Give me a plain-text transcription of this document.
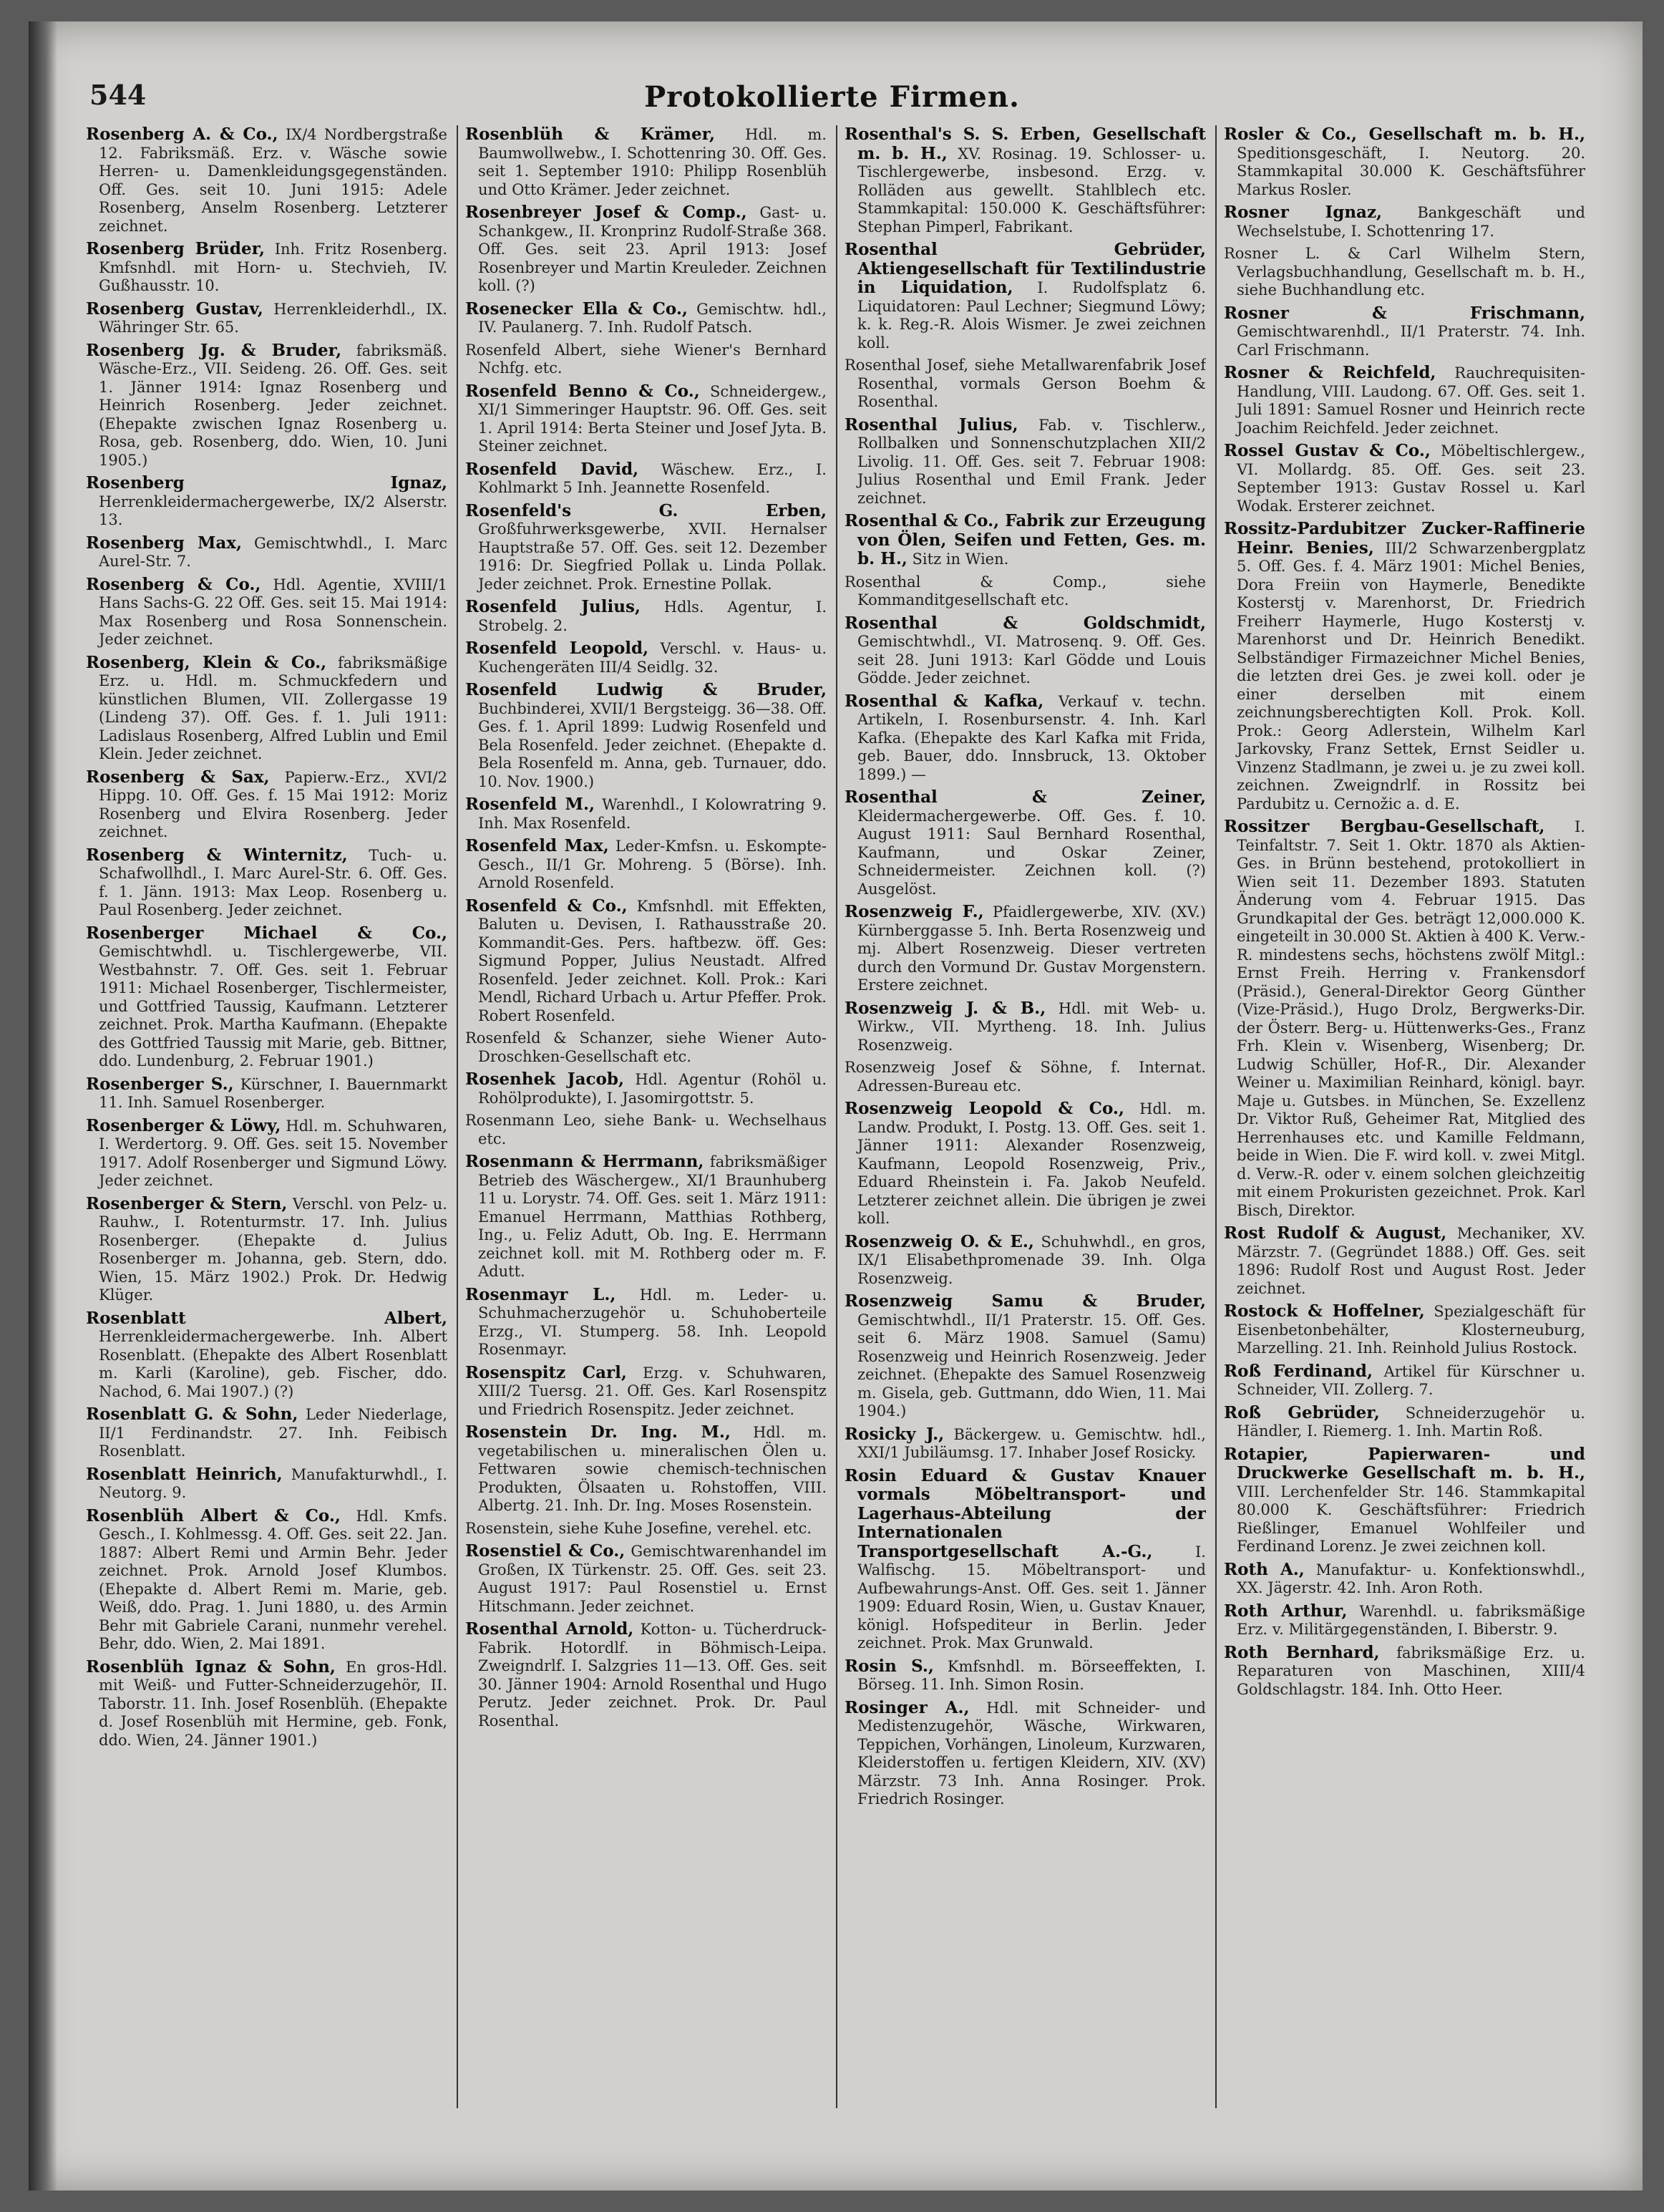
544	Protokollierte Firmen.
Rosenberg A. & Co., IX/4 Nordbergstraße 12. Fabriksmäß. Erz. v. Wäsche sowie Herren- u. Damenkleidungsgegenständen. Off. Ges. seit 10. Juni 1915: Adele Rosenberg, Anselm Rosenberg. Letzterer zeichnet.
Rosenberg Brüder, Inh. Fritz Rosenberg. Kmfsnhdl. mit Horn- u. Stechvieh, IV. Gußhausstr. 10.
Rosenberg Gustav, Herrenkleiderhdl., IX. Währinger Str. 65.
Rosenberg Jg. & Bruder, fabriksmäß. Wäsche-Erz., VII. Seideng. 26. Off. Ges. seit 1. Jänner 1914: Ignaz Rosenberg und Heinrich Rosenberg. Jeder zeichnet. (Ehepakte zwischen Ignaz Rosenberg u. Rosa, geb. Rosenberg, ddo. Wien, 10. Juni 1905.)
Rosenberg Ignaz, Herrenkleidermachergewerbe, IX/2 Alserstr. 13.
Rosenberg Max, Gemischtwhdl., I. Marc Aurel-Str. 7.
Rosenberg & Co., Hdl. Agentie, XVIII/1 Hans Sachs-G. 22 Off. Ges. seit 15. Mai 1914: Max Rosenberg und Rosa Sonnenschein. Jeder zeichnet.
Rosenberg, Klein & Co., fabriksmäßige Erz. u. Hdl. m. Schmuckfedern und künstlichen Blumen, VII. Zollergasse 19 (Lindeng 37). Off. Ges. f. 1. Juli 1911: Ladislaus Rosenberg, Alfred Lublin und Emil Klein. Jeder zeichnet.
Rosenberg & Sax, Papierw.-Erz., XVI/2 Hippg. 10. Off. Ges. f. 15 Mai 1912: Moriz Rosenberg und Elvira Rosenberg. Jeder zeichnet.
Rosenberg & Winternitz, Tuch- u. Schafwollhdl., I. Marc Aurel-Str. 6. Off. Ges. f. 1. Jänn. 1913: Max Leop. Rosenberg u. Paul Rosenberg. Jeder zeichnet.
Rosenberger Michael & Co., Gemischtwhdl. u. Tischlergewerbe, VII. Westbahnstr. 7. Off. Ges. seit 1. Februar 1911: Michael Rosenberger, Tischlermeister, und Gottfried Taussig, Kaufmann. Letzterer zeichnet. Prok. Martha Kaufmann. (Ehepakte des Gottfried Taussig mit Marie, geb. Bittner, ddo. Lundenburg, 2. Februar 1901.)
Rosenberger S., Kürschner, I. Bauernmarkt 11. Inh. Samuel Rosenberger.
Rosenberger & Löwy, Hdl. m. Schuhwaren, I. Werdertorg. 9. Off. Ges. seit 15. November 1917. Adolf Rosenberger und Sigmund Löwy. Jeder zeichnet.
Rosenberger & Stern, Verschl. von Pelz- u. Rauhw., I. Rotenturmstr. 17. Inh. Julius Rosenberger. (Ehepakte d. Julius Rosenberger m. Johanna, geb. Stern, ddo. Wien, 15. März 1902.) Prok. Dr. Hedwig Klüger.
Rosenblatt Albert, Herrenkleidermachergewerbe. Inh. Albert Rosenblatt. (Ehepakte des Albert Rosenblatt m. Karli (Karoline), geb. Fischer, ddo. Nachod, 6. Mai 1907.) (?)
Rosenblatt G. & Sohn, Leder Niederlage, II/1 Ferdinandstr. 27. Inh. Feibisch Rosenblatt.
Rosenblatt Heinrich, Manufakturwhdl., I. Neutorg. 9.
Rosenblüh Albert & Co., Hdl. Kmfs. Gesch., I. Kohlmessg. 4. Off. Ges. seit 22. Jan. 1887: Albert Remi und Armin Behr. Jeder zeichnet. Prok. Arnold Josef Klumbos. (Ehepakte d. Albert Remi m. Marie, geb. Weiß, ddo. Prag. 1. Juni 1880, u. des Armin Behr mit Gabriele Carani, nunmehr verehel. Behr, ddo. Wien, 2. Mai 1891.
Rosenblüh Ignaz & Sohn, En gros-Hdl. mit Weiß- und Futter-Schneiderzugehör, II. Taborstr. 11. Inh. Josef Rosenblüh. (Ehepakte d. Josef Rosenblüh mit Hermine, geb. Fonk, ddo. Wien, 24. Jänner 1901.)
Rosenblüh & Krämer, Hdl. m. Baumwollwebw., I. Schottenring 30. Off. Ges. seit 1. September 1910: Philipp Rosenblüh und Otto Krämer. Jeder zeichnet.
Rosenbreyer Josef & Comp., Gast- u. Schankgew., II. Kronprinz Rudolf-Straße 368. Off. Ges. seit 23. April 1913: Josef Rosenbreyer und Martin Kreuleder. Zeichnen koll. (?)
Rosenecker Ella & Co., Gemischtw. hdl., IV. Paulanerg. 7. Inh. Rudolf Patsch.
Rosenfeld Albert, siehe Wiener's Bernhard Nchfg. etc.
Rosenfeld Benno & Co., Schneidergew., XI/1 Simmeringer Hauptstr. 96. Off. Ges. seit 1. April 1914: Berta Steiner und Josef Jyta. B. Steiner zeichnet.
Rosenfeld David, Wäschew. Erz., I. Kohlmarkt 5 Inh. Jeannette Rosenfeld.
Rosenfeld's G. Erben, Großfuhrwerksgewerbe, XVII. Hernalser Hauptstraße 57. Off. Ges. seit 12. Dezember 1916: Dr. Siegfried Pollak u. Linda Pollak. Jeder zeichnet. Prok. Ernestine Pollak.
Rosenfeld Julius, Hdls. Agentur, I. Strobelg. 2.
Rosenfeld Leopold, Verschl. v. Haus- u. Kuchengeräten III/4 Seidlg. 32.
Rosenfeld Ludwig & Bruder, Buchbinderei, XVII/1 Bergsteigg. 36—38. Off. Ges. f. 1. April 1899: Ludwig Rosenfeld und Bela Rosenfeld. Jeder zeichnet. (Ehepakte d. Bela Rosenfeld m. Anna, geb. Turnauer, ddo. 10. Nov. 1900.)
Rosenfeld M., Warenhdl., I Kolowratring 9. Inh. Max Rosenfeld.
Rosenfeld Max, Leder-Kmfsn. u. Eskompte-Gesch., II/1 Gr. Mohreng. 5 (Börse). Inh. Arnold Rosenfeld.
Rosenfeld & Co., Kmfsnhdl. mit Effekten, Baluten u. Devisen, I. Rathausstraße 20. Kommandit-Ges. Pers. haftbezw. öff. Ges: Sigmund Popper, Julius Neustadt. Alfred Rosenfeld. Jeder zeichnet. Koll. Prok.: Kari Mendl, Richard Urbach u. Artur Pfeffer. Prok. Robert Rosenfeld.
Rosenfeld & Schanzer, siehe Wiener Auto-Droschken-Gesellschaft etc.
Rosenhek Jacob, Hdl. Agentur (Rohöl u. Rohölprodukte), I. Jasomirgottstr. 5.
Rosenmann Leo, siehe Bank- u. Wechselhaus etc.
Rosenmann & Herrmann, fabriksmäßiger Betrieb des Wäschergew., XI/1 Braunhuberg 11 u. Lorystr. 74. Off. Ges. seit 1. März 1911: Emanuel Herrmann, Matthias Rothberg, Ing., u. Feliz Adutt, Ob. Ing. E. Herrmann zeichnet koll. mit M. Rothberg oder m. F. Adutt.
Rosenmayr L., Hdl. m. Leder- u. Schuhmacherzugehör u. Schuhoberteile Erzg., VI. Stumperg. 58. Inh. Leopold Rosenmayr.
Rosenspitz Carl, Erzg. v. Schuhwaren, XIII/2 Tuersg. 21. Off. Ges. Karl Rosenspitz und Friedrich Rosenspitz. Jeder zeichnet.
Rosenstein Dr. Ing. M., Hdl. m. vegetabilischen u. mineralischen Ölen u. Fettwaren sowie chemisch-technischen Produkten, Ölsaaten u. Rohstoffen, VIII. Albertg. 21. Inh. Dr. Ing. Moses Rosenstein.
Rosenstein, siehe Kuhe Josefine, verehel. etc.
Rosenstiel & Co., Gemischtwarenhandel im Großen, IX Türkenstr. 25. Off. Ges. seit 23. August 1917: Paul Rosenstiel u. Ernst Hitschmann. Jeder zeichnet.
Rosenthal Arnold, Kotton- u. Tücherdruck-Fabrik. Hotordlf. in Böhmisch-Leipa. Zweigndrlf. I. Salzgries 11—13. Off. Ges. seit 30. Jänner 1904: Arnold Rosenthal und Hugo Perutz. Jeder zeichnet. Prok. Dr. Paul Rosenthal.
Rosenthal's S. S. Erben, Gesellschaft m. b. H., XV. Rosinag. 19. Schlosser- u. Tischlergewerbe, insbesond. Erzg. v. Rolläden aus gewellt. Stahlblech etc. Stammkapital: 150.000 K. Geschäftsführer: Stephan Pimperl, Fabrikant.
Rosenthal Gebrüder, Aktiengesellschaft für Textilindustrie in Liquidation, I. Rudolfsplatz 6. Liquidatoren: Paul Lechner; Siegmund Löwy; k. k. Reg.-R. Alois Wismer. Je zwei zeichnen koll.
Rosenthal Josef, siehe Metallwarenfabrik Josef Rosenthal, vormals Gerson Boehm & Rosenthal.
Rosenthal Julius, Fab. v. Tischlerw., Rollbalken und Sonnenschutzplachen XII/2 Livolig. 11. Off. Ges. seit 7. Februar 1908: Julius Rosenthal und Emil Frank. Jeder zeichnet.
Rosenthal & Co., Fabrik zur Erzeugung von Ölen, Seifen und Fetten, Ges. m. b. H., Sitz in Wien.
Rosenthal & Comp., siehe Kommanditgesellschaft etc.
Rosenthal & Goldschmidt, Gemischtwhdl., VI. Matrosenq. 9. Off. Ges. seit 28. Juni 1913: Karl Gödde und Louis Gödde. Jeder zeichnet.
Rosenthal & Kafka, Verkauf v. techn. Artikeln, I. Rosenbursenstr. 4. Inh. Karl Kafka. (Ehepakte des Karl Kafka mit Frida, geb. Bauer, ddo. Innsbruck, 13. Oktober 1899.) —
Rosenthal & Zeiner, Kleidermachergewerbe. Off. Ges. f. 10. August 1911: Saul Bernhard Rosenthal, Kaufmann, und Oskar Zeiner, Schneidermeister. Zeichnen koll. (?) Ausgelöst.
Rosenzweig F., Pfaidlergewerbe, XIV. (XV.) Kürnberggasse 5. Inh. Berta Rosenzweig und mj. Albert Rosenzweig. Dieser vertreten durch den Vormund Dr. Gustav Morgenstern. Erstere zeichnet.
Rosenzweig J. & B., Hdl. mit Web- u. Wirkw., VII. Myrtheng. 18. Inh. Julius Rosenzweig.
Rosenzweig Josef & Söhne, f. Internat. Adressen-Bureau etc.
Rosenzweig Leopold & Co., Hdl. m. Landw. Produkt, I. Postg. 13. Off. Ges. seit 1. Jänner 1911: Alexander Rosenzweig, Kaufmann, Leopold Rosenzweig, Priv., Eduard Rheinstein i. Fa. Jakob Neufeld. Letzterer zeichnet allein. Die übrigen je zwei koll.
Rosenzweig O. & E., Schuhwhdl., en gros, IX/1 Elisabethpromenade 39. Inh. Olga Rosenzweig.
Rosenzweig Samu & Bruder, Gemischtwhdl., II/1 Praterstr. 15. Off. Ges. seit 6. März 1908. Samuel (Samu) Rosenzweig und Heinrich Rosenzweig. Jeder zeichnet. (Ehepakte des Samuel Rosenzweig m. Gisela, geb. Guttmann, ddo Wien, 11. Mai 1904.)
Rosicky J., Bäckergew. u. Gemischtw. hdl., XXI/1 Jubiläumsg. 17. Inhaber Josef Rosicky.
Rosin Eduard & Gustav Knauer vormals Möbeltransport- und Lagerhaus-Abteilung der Internationalen Transportgesellschaft A.-G.,	I. Walfischg. 15. Möbeltransport- und Aufbewahrungs-Anst. Off. Ges. seit 1. Jänner 1909: Eduard Rosin, Wien, u. Gustav Knauer, königl. Hofspediteur in Berlin. Jeder zeichnet. Prok. Max Grunwald.
Rosin S., Kmfsnhdl. m. Börseeffekten, I. Börseg. 11. Inh. Simon Rosin.
Rosinger A., Hdl. mit Schneider- und Medistenzugehör, Wäsche, Wirkwaren, Teppichen, Vorhängen, Linoleum, Kurzwaren, Kleiderstoffen u. fertigen Kleidern, XIV. (XV) Märzstr. 73 Inh. Anna Rosinger. Prok. Friedrich Rosinger.
Rosler & Co., Gesellschaft m. b. H., Speditionsgeschäft, I. Neutorg. 20. Stammkapital 30.000 K. Geschäftsführer Markus Rosler.
Rosner Ignaz, Bankgeschäft und Wechselstube, I. Schottenring 17.
Rosner L. & Carl Wilhelm Stern, Verlagsbuchhandlung, Gesellschaft m. b. H., siehe Buchhandlung etc.
Rosner & Frischmann, Gemischtwarenhdl., II/1 Praterstr. 74. Inh. Carl Frischmann.
Rosner & Reichfeld, Rauchrequisiten-Handlung, VIII. Laudong. 67. Off. Ges. seit 1. Juli 1891: Samuel Rosner und Heinrich recte Joachim Reichfeld. Jeder zeichnet.
Rossel Gustav & Co., Möbeltischlergew., VI. Mollardg. 85. Off. Ges. seit 23. September 1913: Gustav Rossel u. Karl Wodak. Ersterer zeichnet.
Rossitz-Pardubitzer Zucker-Raffinerie Heinr. Benies, III/2 Schwarzenbergplatz 5. Off. Ges. f. 4. März 1901: Michel Benies, Dora Freiin von Haymerle, Benedikte Kosterstj v. Marenhorst, Dr. Friedrich Freiherr Haymerle, Hugo Kosterstj v. Marenhorst und Dr. Heinrich Benedikt. Selbständiger Firmazeichner Michel Benies, die letzten drei Ges. je zwei koll. oder je einer derselben mit einem zeichnungsberechtigten Koll. Prok. Koll. Prok.: Georg Adlerstein, Wilhelm Karl Jarkovsky, Franz Settek, Ernst Seidler u. Vinzenz Stadlmann, je zwei u. je zu zwei koll. zeichnen. Zweigndrlf. in Rossitz bei Pardubitz u. Cernožic a. d. E.
Rossitzer Bergbau-Gesellschaft, I. Teinfaltstr. 7. Seit 1. Oktr. 1870 als Aktien-Ges. in Brünn bestehend, protokolliert in Wien seit 11. Dezember 1893. Statuten Änderung vom 4. Februar 1915. Das Grundkapital der Ges. beträgt 12,000.000 K. eingeteilt in 30.000 St. Aktien à 400 K. Verw.-R. mindestens sechs, höchstens zwölf Mitgl.: Ernst Freih. Herring v. Frankensdorf (Präsid.), General-Direktor Georg Günther (Vize-Präsid.), Hugo Drolz, Bergwerks-Dir. der Österr. Berg- u. Hüttenwerks-Ges., Franz Frh. Klein v. Wisenberg, Wisenberg; Dr. Ludwig Schüller, Hof-R., Dir. Alexander Weiner u. Maximilian Reinhard, königl. bayr. Maje u. Gutsbes. in München, Se. Exzellenz Dr. Viktor Ruß, Geheimer Rat, Mitglied des Herrenhauses etc. und Kamille Feldmann, beide in Wien. Die F. wird koll. v. zwei Mitgl. d. Verw.-R. oder v. einem solchen gleichzeitig mit einem Prokuristen gezeichnet. Prok. Karl Bisch, Direktor.
Rost Rudolf & August, Mechaniker, XV. Märzstr. 7. (Gegründet 1888.) Off. Ges. seit 1896: Rudolf Rost und August Rost. Jeder zeichnet.
Rostock & Hoffelner, Spezialgeschäft für Eisenbetonbehälter, Klosterneuburg, Marzelling. 21. Inh. Reinhold Julius Rostock.
Roß Ferdinand, Artikel für Kürschner u. Schneider, VII. Zollerg. 7.
Roß Gebrüder, Schneiderzugehör u. Händler, I. Riemerg. 1. Inh. Martin Roß.
Rotapier, Papierwaren- und Druckwerke Gesellschaft m. b. H., VIII. Lerchenfelder Str. 146. Stammkapital 80.000 K. Geschäftsführer: Friedrich Rießlinger, Emanuel Wohlfeiler und Ferdinand Lorenz. Je zwei zeichnen koll.
Roth A., Manufaktur- u. Konfektionswhdl., XX. Jägerstr. 42. Inh. Aron Roth.
Roth Arthur, Warenhdl. u. fabriksmäßige Erz. v. Militärgegenständen, I. Biberstr. 9.
Roth Bernhard, fabriksmäßige Erz. u. Reparaturen von Maschinen, XIII/4 Goldschlagstr. 184. Inh. Otto Heer.
